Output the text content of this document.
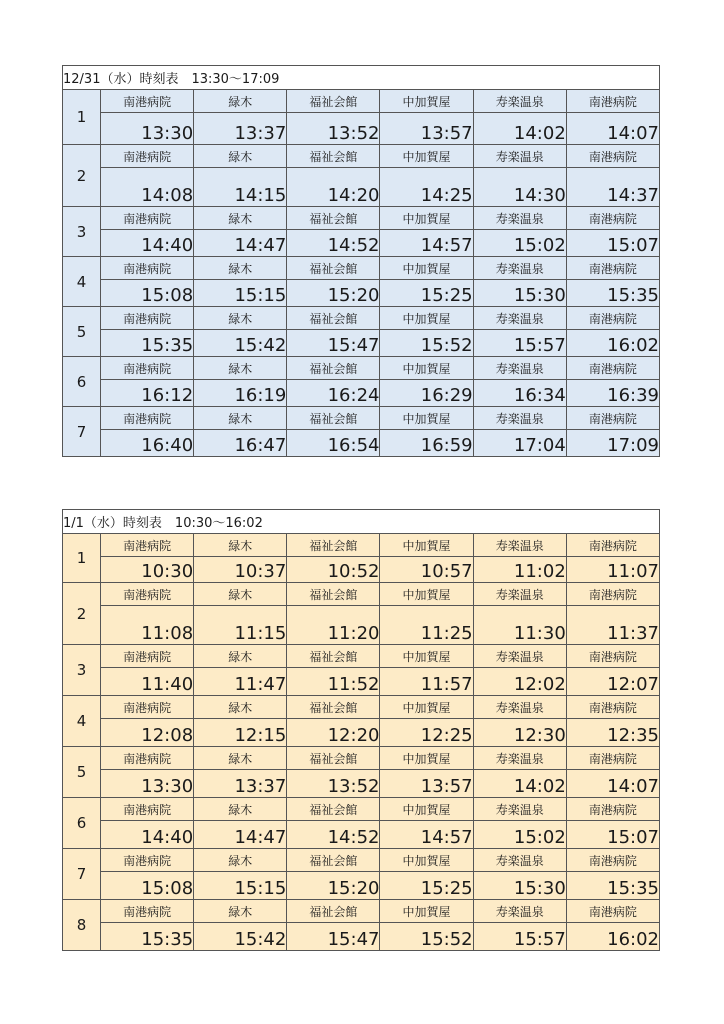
12/31（水）時刻表　13:30～17:09						
1	南港病院	緑木	福祉会館	中加賀屋	寿楽温泉	南港病院
	13:30	13:37	13:52	13:57	14:02	14:07
2	南港病院	緑木	福祉会館	中加賀屋	寿楽温泉	南港病院
	14:08	14:15	14:20	14:25	14:30	14:37
3	南港病院	緑木	福祉会館	中加賀屋	寿楽温泉	南港病院
	14:40	14:47	14:52	14:57	15:02	15:07
4	南港病院	緑木	福祉会館	中加賀屋	寿楽温泉	南港病院
	15:08	15:15	15:20	15:25	15:30	15:35
5	南港病院	緑木	福祉会館	中加賀屋	寿楽温泉	南港病院
	15:35	15:42	15:47	15:52	15:57	16:02
6	南港病院	緑木	福祉会館	中加賀屋	寿楽温泉	南港病院
	16:12	16:19	16:24	16:29	16:34	16:39
7	南港病院	緑木	福祉会館	中加賀屋	寿楽温泉	南港病院
	16:40	16:47	16:54	16:59	17:04	17:09
1/1（水）時刻表　10:30～16:02						
1	南港病院	緑木	福祉会館	中加賀屋	寿楽温泉	南港病院
	10:30	10:37	10:52	10:57	11:02	11:07
2	南港病院	緑木	福祉会館	中加賀屋	寿楽温泉	南港病院
	11:08	11:15	11:20	11:25	11:30	11:37
3	南港病院	緑木	福祉会館	中加賀屋	寿楽温泉	南港病院
	11:40	11:47	11:52	11:57	12:02	12:07
4	南港病院	緑木	福祉会館	中加賀屋	寿楽温泉	南港病院
	12:08	12:15	12:20	12:25	12:30	12:35
5	南港病院	緑木	福祉会館	中加賀屋	寿楽温泉	南港病院
	13:30	13:37	13:52	13:57	14:02	14:07
6	南港病院	緑木	福祉会館	中加賀屋	寿楽温泉	南港病院
	14:40	14:47	14:52	14:57	15:02	15:07
7	南港病院	緑木	福祉会館	中加賀屋	寿楽温泉	南港病院
	15:08	15:15	15:20	15:25	15:30	15:35
8	南港病院	緑木	福祉会館	中加賀屋	寿楽温泉	南港病院
	15:35	15:42	15:47	15:52	15:57	16:02
